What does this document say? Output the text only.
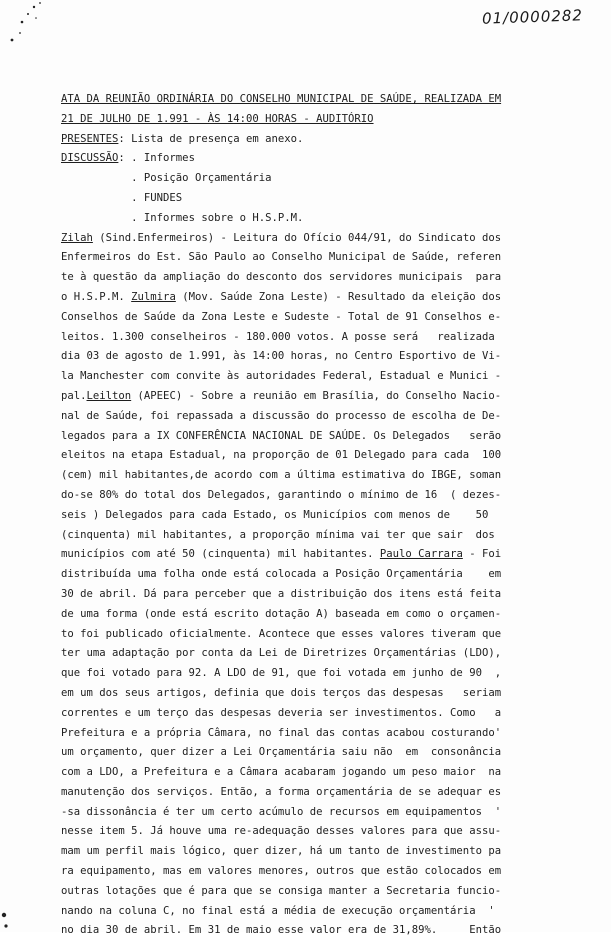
01/0000282
ATA DA REUNIÃO ORDINÁRIA DO CONSELHO MUNICIPAL DE SAÚDE, REALIZADA EM
21 DE JULHO DE 1.991 - ÀS 14:00 HORAS - AUDITÓRIO
PRESENTES: Lista de presença em anexo.
DISCUSSÃO: . Informes
. Posição Orçamentária
. FUNDES
. Informes sobre o H.S.P.M.
Zilah (Sind.Enfermeiros) - Leitura do Ofício 044/91, do Sindicato dos
Enfermeiros do Est. São Paulo ao Conselho Municipal de Saúde, referen
te à questão da ampliação do desconto dos servidores municipais  para
o H.S.P.M. Zulmira (Mov. Saúde Zona Leste) - Resultado da eleição dos
Conselhos de Saúde da Zona Leste e Sudeste - Total de 91 Conselhos e-
leitos. 1.300 conselheiros - 180.000 votos. A posse será   realizada
dia 03 de agosto de 1.991, às 14:00 horas, no Centro Esportivo de Vi-
la Manchester com convite às autoridades Federal, Estadual e Munici -
pal.Leilton (APEEC) - Sobre a reunião em Brasília, do Conselho Nacio-
nal de Saúde, foi repassada a discussão do processo de escolha de De-
legados para a IX CONFERÊNCIA NACIONAL DE SAÚDE. Os Delegados   serão
eleitos na etapa Estadual, na proporção de 01 Delegado para cada  100
(cem) mil habitantes,de acordo com a última estimativa do IBGE, soman
do-se 80% do total dos Delegados, garantindo o mínimo de 16  ( dezes-
seis ) Delegados para cada Estado, os Municípios com menos de    50
(cinquenta) mil habitantes, a proporção mínima vai ter que sair  dos
municípios com até 50 (cinquenta) mil habitantes. Paulo Carrara - Foi
distribuída uma folha onde está colocada a Posição Orçamentária    em
30 de abril. Dá para perceber que a distribuição dos itens está feita
de uma forma (onde está escrito dotação A) baseada em como o orçamen-
to foi publicado oficialmente. Acontece que esses valores tiveram que
ter uma adaptação por conta da Lei de Diretrizes Orçamentárias (LDO),
que foi votado para 92. A LDO de 91, que foi votada em junho de 90  ,
em um dos seus artigos, definia que dois terços das despesas   seriam
correntes e um terço das despesas deveria ser investimentos. Como   a
Prefeitura e a própria Câmara, no final das contas acabou costurando'
um orçamento, quer dizer a Lei Orçamentária saiu não  em  consonância
com a LDO, a Prefeitura e a Câmara acabaram jogando um peso maior  na
manutenção dos serviços. Então, a forma orçamentária de se adequar es
-sa dissonância é ter um certo acúmulo de recursos em equipamentos  '
nesse item 5. Já houve uma re-adequação desses valores para que assu-
mam um perfil mais lógico, quer dizer, há um tanto de investimento pa
ra equipamento, mas em valores menores, outros que estão colocados em
outras lotações que é para que se consiga manter a Secretaria funcio-
nando na coluna C, no final está a média de execução orçamentária  '
no dia 30 de abril. Em 31 de maio esse valor era de 31,89%.     Então
